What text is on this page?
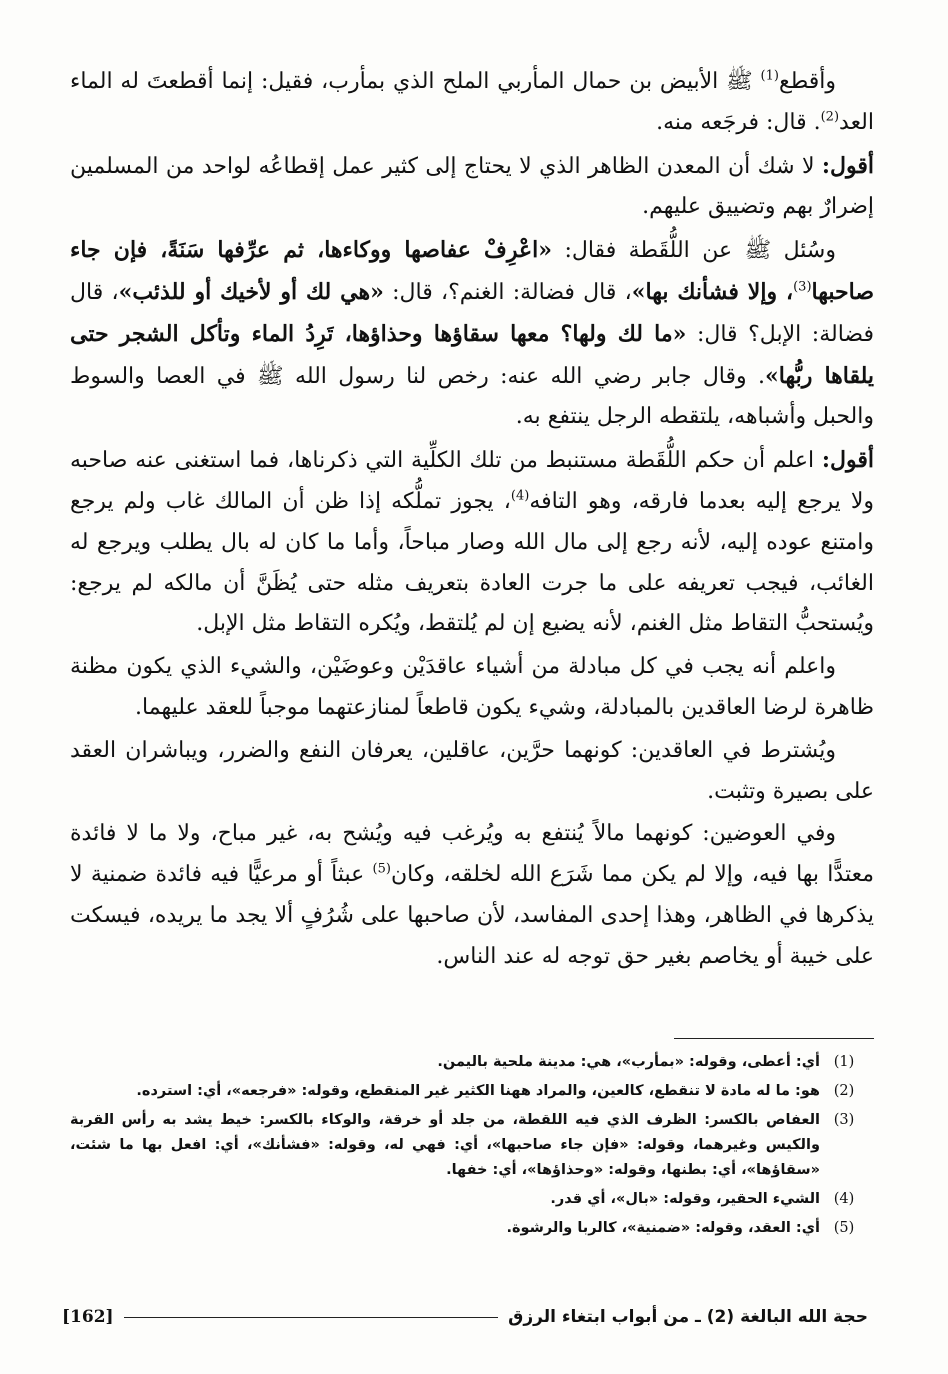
وأقطع$^{(1)}$ ﷺ الأبيض بن حمال المأربي الملح الذي بمأرب، فقيل: إنما أقطعتَ له الماء العد$^{(2)}$. قال: فرجَعه منه.

أقول: لا شك أن المعدن الظاهر الذي لا يحتاج إلى كثير عمل إقطاعُه لواحد من المسلمين إضرارٌ بهم وتضييق عليهم.

وسُئل ﷺ عن اللُّقَطة فقال: «اعْرِفْ عفاصها ووكاءها، ثم عرِّفها سَنَةً، فإن جاء صاحبها$^{(3)}$، وإلا فشأنك بها»، قال فضالة: الغنم؟، قال: «هي لك أو لأخيك أو للذئب»، قال فضالة: الإبل؟ قال: «ما لك ولها؟ معها سقاؤها وحذاؤها، تَرِدُ الماء وتأكل الشجر حتى يلقاها ربُّها». وقال جابر رضي الله عنه: رخص لنا رسول الله ﷺ في العصا والسوط والحبل وأشباهه، يلتقطه الرجل ينتفع به.

أقول: اعلم أن حكم اللُّقَطة مستنبط من تلك الكلِّية التي ذكرناها، فما استغنى عنه صاحبه ولا يرجع إليه بعدما فارقه، وهو التافه$^{(4)}$، يجوز تملُّكه إذا ظن أن المالك غاب ولم يرجع وامتنع عوده إليه، لأنه رجع إلى مال الله وصار مباحاً، وأما ما كان له بال يطلب ويرجع له الغائب، فيجب تعريفه على ما جرت العادة بتعريف مثله حتى يُظَنَّ أن مالكه لم يرجع: ويُستحبُّ التقاط مثل الغنم، لأنه يضيع إن لم يُلتقط، ويُكره التقاط مثل الإبل.

واعلم أنه يجب في كل مبادلة من أشياء عاقدَيْن وعوضَيْن، والشيء الذي يكون مظنة ظاهرة لرضا العاقدين بالمبادلة، وشيء يكون قاطعاً لمنازعتهما موجباً للعقد عليهما.

ويُشترط في العاقدين: كونهما حرَّين، عاقلين، يعرفان النفع والضرر، ويباشران العقد على بصيرة وتثبت.

وفي العوضين: كونهما مالاً يُنتفع به ويُرغب فيه ويُشح به، غير مباح، ولا ما لا فائدة معتدًّا بها فيه، وإلا لم يكن مما شَرَع الله لخلقه، وكان$^{(5)}$ عبثاً أو مرعيًّا فيه فائدة ضمنية لا يذكرها في الظاهر، وهذا إحدى المفاسد، لأن صاحبها على شُرُفٍ ألا يجد ما يريده، فيسكت على خيبة أو يخاصم بغير حق توجه له عند الناس.

(1)
أي: أعطى، وقوله: «بمأرب»، هي: مدينة ملحية باليمن.
(2)
هو: ما له مادة لا تنقطع، كالعين، والمراد ههنا الكثير غير المنقطع، وقوله: «فرجعه»، أي: استرده.
(3)
العفاص بالكسر: الظرف الذي فيه اللقطة، من جلد أو خرقة، والوكاء بالكسر: خيط يشد به رأس القربة والكيس وغيرهما، وقوله: «فإن جاء صاحبها»، أي: فهي له، وقوله: «فشأنك»، أي: افعل بها ما شئت، «سقاؤها»، أي: بطنها، وقوله: «وحذاؤها»، أي: خفها.
(4)
الشيء الحقير، وقوله: «بال»، أي قدر.
(5)
أي: العقد، وقوله: «ضمنية»، كالربا والرشوة.
حجة الله البالغة (2) ـ من أبواب ابتغاء الرزق
[162]
